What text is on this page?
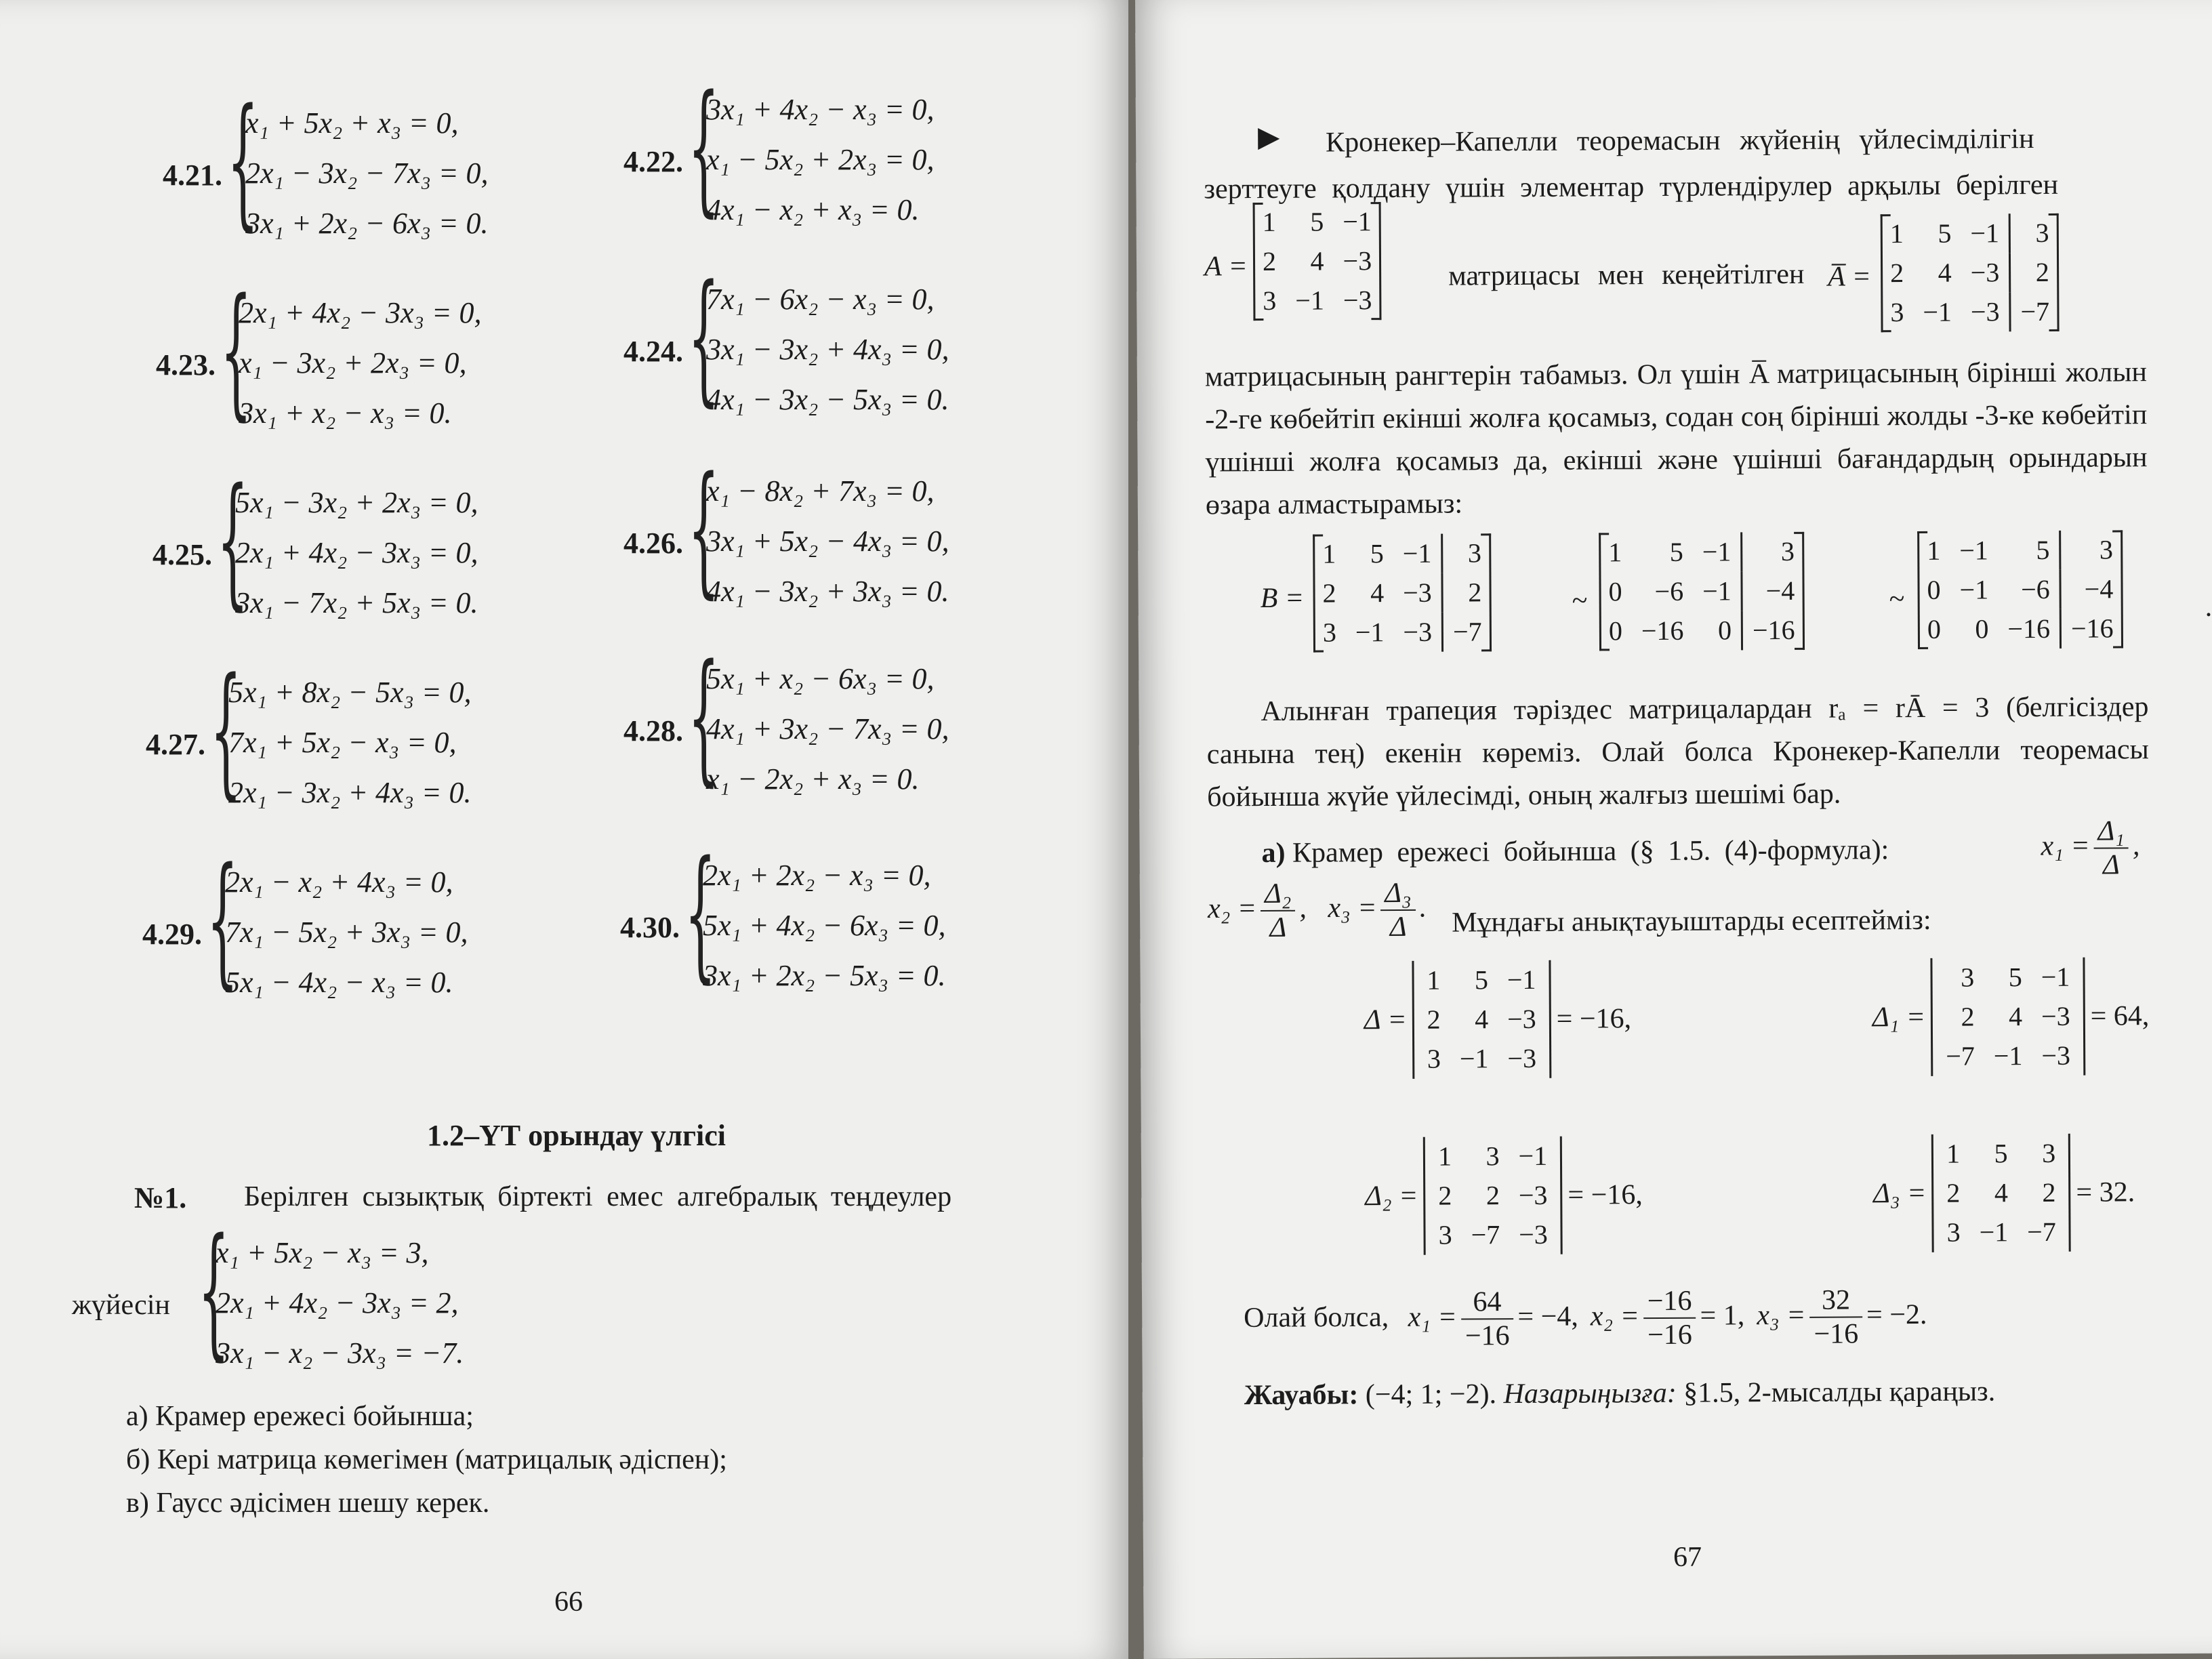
4.21. {
x₁ + 5x₂ + x₃ = 0,
2x₁ − 3x₂ − 7x₃ = 0,
3x₁ + 2x₂ − 6x₃ = 0.
4.22. {
3x₁ + 4x₂ − x₃ = 0,
x₁ − 5x₂ + 2x₃ = 0,
4x₁ − x₂ + x₃ = 0.
4.23. {
2x₁ + 4x₂ − 3x₃ = 0,
x₁ − 3x₂ + 2x₃ = 0,
3x₁ + x₂ − x₃ = 0.
4.24. {
7x₁ − 6x₂ − x₃ = 0,
3x₁ − 3x₂ + 4x₃ = 0,
4x₁ − 3x₂ − 5x₃ = 0.
4.25. {
5x₁ − 3x₂ + 2x₃ = 0,
2x₁ + 4x₂ − 3x₃ = 0,
3x₁ − 7x₂ + 5x₃ = 0.
4.26. {
x₁ − 8x₂ + 7x₃ = 0,
3x₁ + 5x₂ − 4x₃ = 0,
4x₁ − 3x₂ + 3x₃ = 0.
4.27. {
5x₁ + 8x₂ − 5x₃ = 0,
7x₁ + 5x₂ − x₃ = 0,
2x₁ − 3x₂ + 4x₃ = 0.
4.28. {
5x₁ + x₂ − 6x₃ = 0,
4x₁ + 3x₂ − 7x₃ = 0,
x₁ − 2x₂ + x₃ = 0.
4.29. {
2x₁ − x₂ + 4x₃ = 0,
7x₁ − 5x₂ + 3x₃ = 0,
5x₁ − 4x₂ − x₃ = 0.
4.30. {
2x₁ + 2x₂ − x₃ = 0,
5x₁ + 4x₂ − 6x₃ = 0,
3x₁ + 2x₂ − 5x₃ = 0.
1.2–ҮТ орындау үлгісі
№1. Берілген сызықтық біртекті емес алгебралық теңдеулер
жүйесін {
x₁ + 5x₂ − x₃ = 3,
2x₁ + 4x₂ − 3x₃ = 2,
3x₁ − x₂ − 3x₃ = −7.
а) Крамер ережесі бойынша;
б) Кері матрица көмегімен (матрицалық әдіспен);
в) Гаусс әдісімен шешу керек.
66
▶ Кронекер–Капелли теоремасын жүйенің үйлесімділігін
зерттеуге қолдану үшін элементар түрлендірулер арқылы берілген
A =
1	5	−1
2	4	−3
3	−1	−3
матрицасы мен кеңейтілген A̅ =
1	5	−1	3
2	4	−3	2
3	−1	−3	−7
матрицасының рангтерін табамыз. Ол үшін A̅ матрицасының бірінші жолын -2-ге көбейтіп екінші жолға қосамыз, содан соң бірінші жолды -3-ке көбейтіп үшінші жолға қосамыз да, екінші және үшінші бағандардың орындарын өзара алмастырамыз:
B =
1	5	−1	3
2	4	−3	2
3	−1	−3	−7
~
1	5	−1	3
0	−6	−1	−4
0	−16	0	−16
~
1	−1	5	3
0	−1	−6	−4
0	0	−16	−16
.
Алынған трапеция тәріздес матрицалардан rₐ = rĀ = 3 (белгісіздер санына тең) екенін көреміз. Олай болса Кронекер-Капелли теоремасы бойынша жүйе үйлесімді, оның жалғыз шешімі бар.
а) Крамер ережесі бойынша (§ 1.5. (4)-формула):	$x_1 = \frac{\text{Δ₁}}{\Delta}$ ,
$x_2 = \frac{\text{Δ₂}}{\Delta}$ , $x_3 = \frac{\text{Δ₃}}{\Delta}$ . Мұндағы анықтауыштарды есептейміз:
Δ =
1	5	−1
2	4	−3
3	−1	−3
= −16,	Δ₁ =
3	5	−1
2	4	−3
−7	−1	−3
= 64,
Δ₂ =
1	3	−1
2	2	−3
3	−7	−3
= −16,	Δ₃ =
1	5	3
2	4	2
3	−1	−7
= 32.
Олай болса, $x_1 = \frac{64}{-16} = -4$, $x_2 = \frac{-16}{-16} = 1$, $x_3 = \frac{32}{-16} = -2$.
Жауабы: (−4; 1; −2). Назарыңызға: §1.5, 2-мысалды қараңыз.
67
